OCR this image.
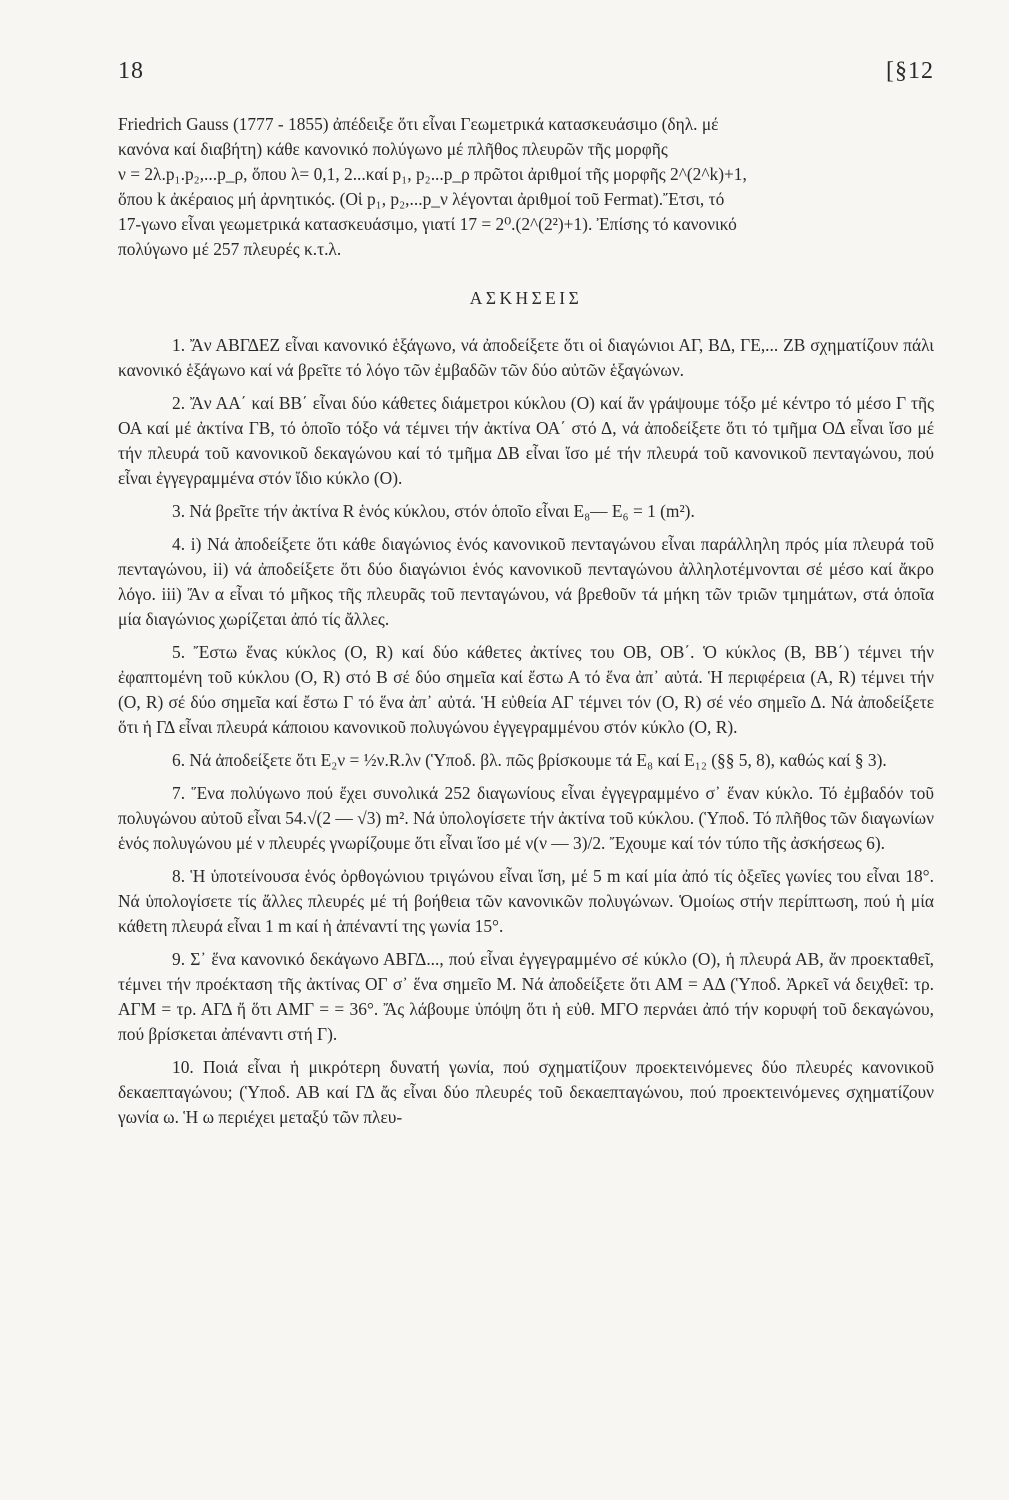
18	[§12
Friedrich Gauss (1777 - 1855) ἀπέδειξε ὅτι εἶναι Γεωμετρικά κατασκευάσιμο (δηλ. μέ
κανόνα καί διαβήτη) κάθε κανονικό πολύγωνο μέ πλῆθος πλευρῶν τῆς μορφῆς
ν = 2λ.p₁.p₂,...p_ρ, ὅπου λ= 0,1, 2...καί p₁, p₂...p_ρ πρῶτοι ἀριθμοί τῆς μορφῆς 2^(2^k)+1,
ὅπου k ἀκέραιος μή ἀρνητικός. (Οἱ p₁, p₂,...p_ν λέγονται ἀριθμοί τοῦ Fermat).Ἔτσι, τό
17-γωνο εἶναι γεωμετρικά κατασκευάσιμο, γιατί 17 = 2⁰.(2^(2²)+1). Ἐπίσης τό κανονικό
πολύγωνο μέ 257 πλευρές κ.τ.λ.
ΑΣΚΗΣΕΙΣ

1. Ἄν ΑΒΓΔΕΖ εἶναι κανονικό ἑξάγωνο, νά ἀποδείξετε ὅτι οἱ διαγώνιοι ΑΓ, ΒΔ, ΓΕ,... ΖΒ σχηματίζουν πάλι κανονικό ἑξάγωνο καί νά βρεῖτε τό λόγο τῶν ἐμβαδῶν τῶν δύο αὐτῶν ἑξαγώνων.

2. Ἄν ΑΑ΄ καί ΒΒ΄ εἶναι δύο κάθετες διάμετροι κύκλου (Ο) καί ἄν γράψουμε τόξο μέ κέντρο τό μέσο Γ τῆς ΟΑ καί μέ ἀκτίνα ΓΒ, τό ὁποῖο τόξο νά τέμνει τήν ἀκτίνα ΟΑ΄ στό Δ, νά ἀποδείξετε ὅτι τό τμῆμα ΟΔ εἶναι ἴσο μέ τήν πλευρά τοῦ κανονικοῦ δεκαγώνου καί τό τμῆμα ΔΒ εἶναι ἴσο μέ τήν πλευρά τοῦ κανονικοῦ πενταγώνου, πού εἶναι ἐγγεγραμμένα στόν ἴδιο κύκλο (Ο).

3. Νά βρεῖτε τήν ἀκτίνα R ἑνός κύκλου, στόν ὁποῖο εἶναι E₈— E₆ = 1 (m²).

4. i) Νά ἀποδείξετε ὅτι κάθε διαγώνιος ἑνός κανονικοῦ πενταγώνου εἶναι παράλληλη πρός μία πλευρά τοῦ πενταγώνου, ii) νά ἀποδείξετε ὅτι δύο διαγώνιοι ἑνός κανονικοῦ πενταγώνου ἀλληλοτέμνονται σέ μέσο καί ἄκρο λόγο. iii) Ἄν α εἶναι τό μῆκος τῆς πλευρᾶς τοῦ πενταγώνου, νά βρεθοῦν τά μήκη τῶν τριῶν τμημάτων, στά ὁποῖα μία διαγώνιος χωρίζεται ἀπό τίς ἄλλες.

5. Ἔστω ἕνας κύκλος (Ο, R) καί δύο κάθετες ἀκτίνες του ΟΒ, ΟΒ΄. Ὁ κύκλος (Β, ΒΒ΄) τέμνει τήν ἐφαπτομένη τοῦ κύκλου (Ο, R) στό Β σέ δύο σημεῖα καί ἔστω Α τό ἕνα ἀπ᾽ αὐτά. Ἡ περιφέρεια (Α, R) τέμνει τήν (Ο, R) σέ δύο σημεῖα καί ἔστω Γ τό ἕνα ἀπ᾽ αὐτά. Ἡ εὐθεία ΑΓ τέμνει τόν (Ο, R) σέ νέο σημεῖο Δ. Νά ἀποδείξετε ὅτι ἡ ΓΔ εἶναι πλευρά κάποιου κανονικοῦ πολυγώνου ἐγγεγραμμένου στόν κύκλο (Ο, R).

6. Νά ἀποδείξετε ὅτι E₂ν = ½ν.R.λν (Ὑποδ. βλ. πῶς βρίσκουμε τά E₈ καί E₁₂ (§§ 5, 8), καθώς καί § 3).

7. Ἕνα πολύγωνο πού ἔχει συνολικά 252 διαγωνίους εἶναι ἐγγεγραμμένο σ᾽ ἕναν κύκλο. Τό ἐμβαδόν τοῦ πολυγώνου αὐτοῦ εἶναι 54.√(2 — √3) m². Νά ὑπολογίσετε τήν ἀκτίνα τοῦ κύκλου. (Ὑποδ. Τό πλῆθος τῶν διαγωνίων ἑνός πολυγώνου μέ ν πλευρές γνωρίζουμε ὅτι εἶναι ἴσο μέ ν(ν — 3)/2. Ἔχουμε καί τόν τύπο τῆς ἀσκήσεως 6).

8. Ἡ ὑποτείνουσα ἑνός ὀρθογώνιου τριγώνου εἶναι ἴση, μέ 5 m καί μία ἀπό τίς ὀξεῖες γωνίες του εἶναι 18°. Νά ὑπολογίσετε τίς ἄλλες πλευρές μέ τή βοήθεια τῶν κανονικῶν πολυγώνων. Ὁμοίως στήν περίπτωση, πού ἡ μία κάθετη πλευρά εἶναι 1 m καί ἡ ἀπέναντί της γωνία 15°.

9. Σ᾽ ἕνα κανονικό δεκάγωνο ΑΒΓΔ..., πού εἶναι ἐγγεγραμμένο σέ κύκλο (Ο), ἡ πλευρά ΑΒ, ἄν προεκταθεῖ, τέμνει τήν προέκταση τῆς ἀκτίνας ΟΓ σ᾽ ἕνα σημεῖο Μ. Νά ἀποδείξετε ὅτι ΑΜ = ΑΔ (Ὑποδ. Ἀρκεῖ νά δειχθεῖ: τρ. ΑΓΜ = τρ. ΑΓΔ ἤ ὅτι ΑΜΓ = = 36°. Ἄς λάβουμε ὑπόψη ὅτι ἡ εὐθ. ΜΓΟ περνάει ἀπό τήν κορυφή τοῦ δεκαγώνου, πού βρίσκεται ἀπέναντι στή Γ).

10. Ποιά εἶναι ἡ μικρότερη δυνατή γωνία, πού σχηματίζουν προεκτεινόμενες δύο πλευρές κανονικοῦ δεκαεπταγώνου; (Ὑποδ. ΑΒ καί ΓΔ ἄς εἶναι δύο πλευρές τοῦ δεκαεπταγώνου, πού προεκτεινόμενες σχηματίζουν γωνία ω. Ἡ ω περιέχει μεταξύ τῶν πλευ-
